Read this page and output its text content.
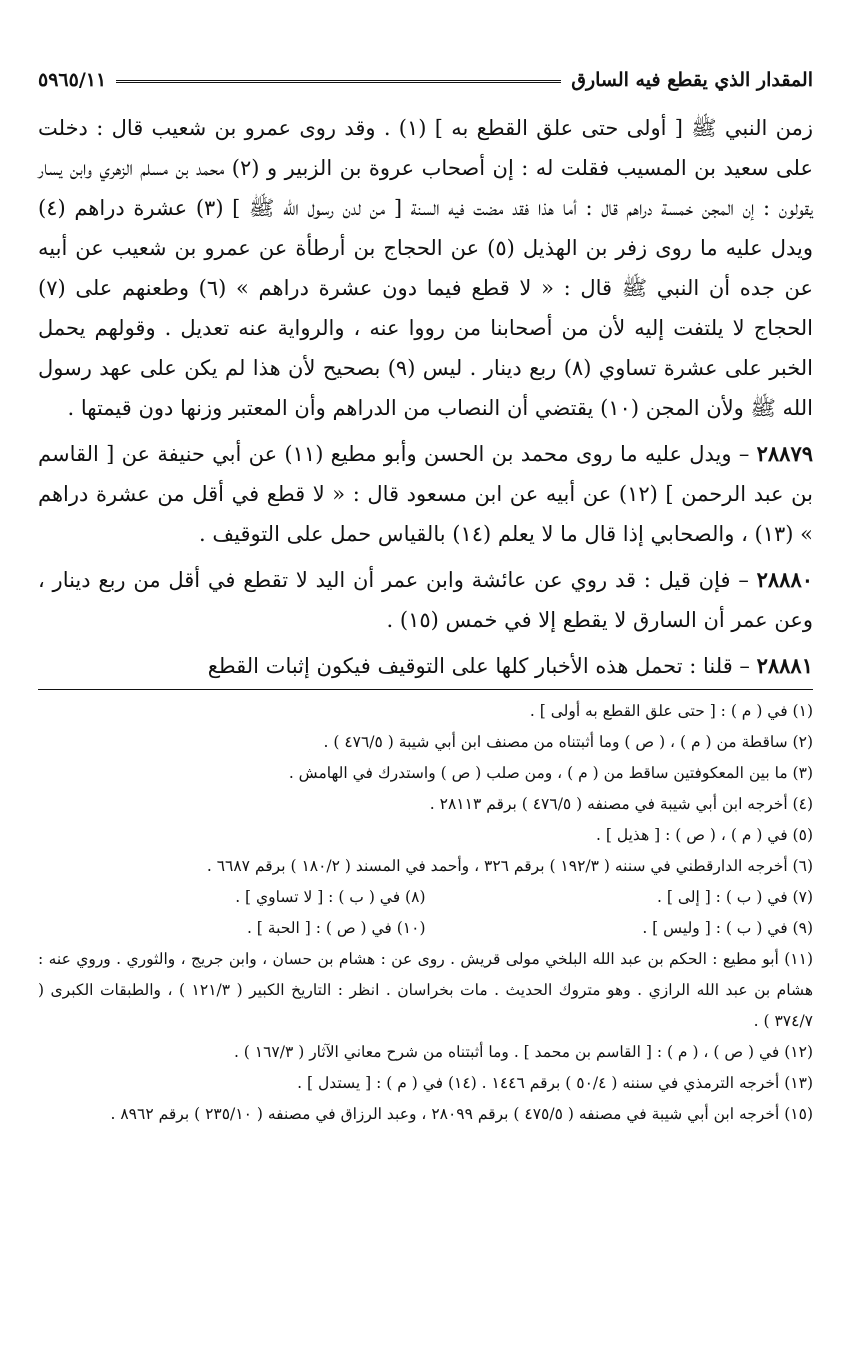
المقدار الذي يقطع فيه السارق
٥٩٦٥/١١

زمن النبي ﷺ [ أولى حتى علق القطع به ] (١) . وقد روى عمرو بن شعيب قال : دخلت على سعيد بن المسيب فقلت له : إن أصحاب عروة بن الزبير و (٢) محمد بن مسلم الزهري وابن يسار يقولون : إن المجن خمسة دراهم قال : أما هذا فقد مضت فيه السنة [ من لدن رسول الله ﷺ ] (٣) عشرة دراهم (٤) ويدل عليه ما روى زفر بن الهذيل (٥) عن الحجاج بن أرطأة عن عمرو بن شعيب عن أبيه عن جده أن النبي ﷺ قال : « لا قطع فيما دون عشرة دراهم » (٦) وطعنهم على (٧) الحجاج لا يلتفت إليه لأن من أصحابنا من رووا عنه ، والرواية عنه تعديل . وقولهم يحمل الخبر على عشرة تساوي (٨) ربع دينار . ليس (٩) بصحيح لأن هذا لم يكن على عهد رسول الله ﷺ ولأن المجن (١٠) يقتضي أن النصاب من الدراهم وأن المعتبر وزنها دون قيمتها .

٢٨٨٧٩ – ويدل عليه ما روى محمد بن الحسن وأبو مطيع (١١) عن أبي حنيفة عن [ القاسم بن عبد الرحمن ] (١٢) عن أبيه عن ابن مسعود قال : « لا قطع في أقل من عشرة دراهم » (١٣) ، والصحابي إذا قال ما لا يعلم (١٤) بالقياس حمل على التوقيف .

٢٨٨٨٠ – فإن قيل : قد روي عن عائشة وابن عمر أن اليد لا تقطع في أقل من ربع دينار ، وعن عمر أن السارق لا يقطع إلا في خمس (١٥) .

٢٨٨٨١ – قلنا : تحمل هذه الأخبار كلها على التوقيف فيكون إثبات القطع

(١) في ( م ) : [ حتى علق القطع به أولى ] .

(٢) ساقطة من ( م ) ، ( ص ) وما أثبتناه من مصنف ابن أبي شيبة ( ٤٧٦/٥ ) .

(٣) ما بين المعكوفتين ساقط من ( م ) ، ومن صلب ( ص ) واستدرك في الهامش .

(٤) أخرجه ابن أبي شيبة في مصنفه ( ٤٧٦/٥ ) برقم ٢٨١١٣ .

(٥) في ( م ) ، ( ص ) : [ هذيل ] .

(٦) أخرجه الدارقطني في سننه ( ١٩٢/٣ ) برقم ٣٢٦ ، وأحمد في المسند ( ١٨٠/٢ ) برقم ٦٦٨٧ .

(٧) في ( ب ) : [ إلى ] .
(٨) في ( ب ) : [ لا تساوي ] .
(٩) في ( ب ) : [ وليس ] .
(١٠) في ( ص ) : [ الحبة ] .

(١١) أبو مطيع : الحكم بن عبد الله البلخي مولى قريش . روى عن : هشام بن حسان ، وابن جريج ، والثوري . وروي عنه : هشام بن عبد الله الرازي . وهو متروك الحديث . مات بخراسان . انظر : التاريخ الكبير ( ١٢١/٣ ) ، والطبقات الكبرى ( ٣٧٤/٧ ) .

(١٢) في ( ص ) ، ( م ) : [ القاسم بن محمد ] . وما أثبتناه من شرح معاني الآثار ( ١٦٧/٣ ) .

(١٣) أخرجه الترمذي في سننه ( ٥٠/٤ ) برقم ١٤٤٦ . (١٤) في ( م ) : [ يستدل ] .

(١٥) أخرجه ابن أبي شيبة في مصنفه ( ٤٧٥/٥ ) برقم ٢٨٠٩٩ ، وعبد الرزاق في مصنفه ( ٢٣٥/١٠ ) برقم ٨٩٦٢ .
